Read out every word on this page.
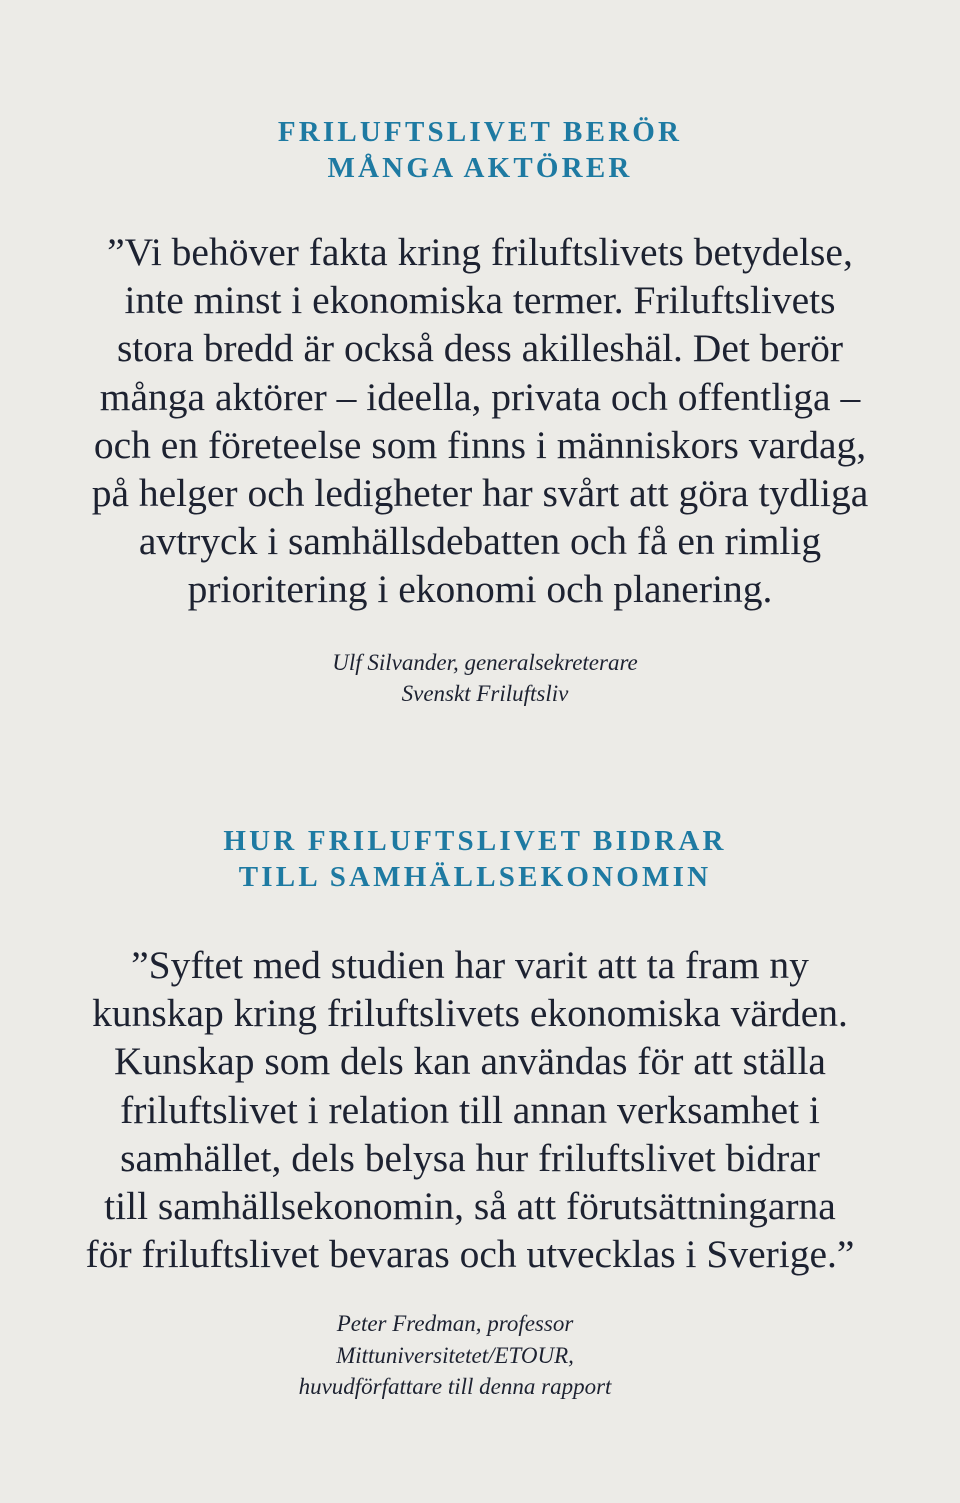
FRILUFTSLIVET BERÖR
MÅNGA AKTÖRER

”Vi behöver fakta kring friluftslivets betydelse,
inte minst i ekonomiska termer. Friluftslivets
stora bredd är också dess akilleshäl. Det berör
många aktörer – ideella, privata och offentliga –
och en företeelse som finns i människors vardag,
på helger och ledigheter har svårt att göra tydliga
avtryck i samhällsdebatten och få en rimlig
prioritering i ekonomi och planering.

Ulf Silvander, generalsekreterare
Svenskt Friluftsliv

HUR FRILUFTSLIVET BIDRAR
TILL SAMHÄLLSEKONOMIN

”Syftet med studien har varit att ta fram ny
kunskap kring friluftslivets ekonomiska värden.
Kunskap som dels kan användas för att ställa
friluftslivet i relation till annan verksamhet i
samhället, dels belysa hur friluftslivet bidrar
till samhällsekonomin, så att förutsättningarna
för friluftslivet bevaras och utvecklas i Sverige.”

Peter Fredman, professor
Mittuniversitetet/ETOUR,
huvudförfattare till denna rapport
